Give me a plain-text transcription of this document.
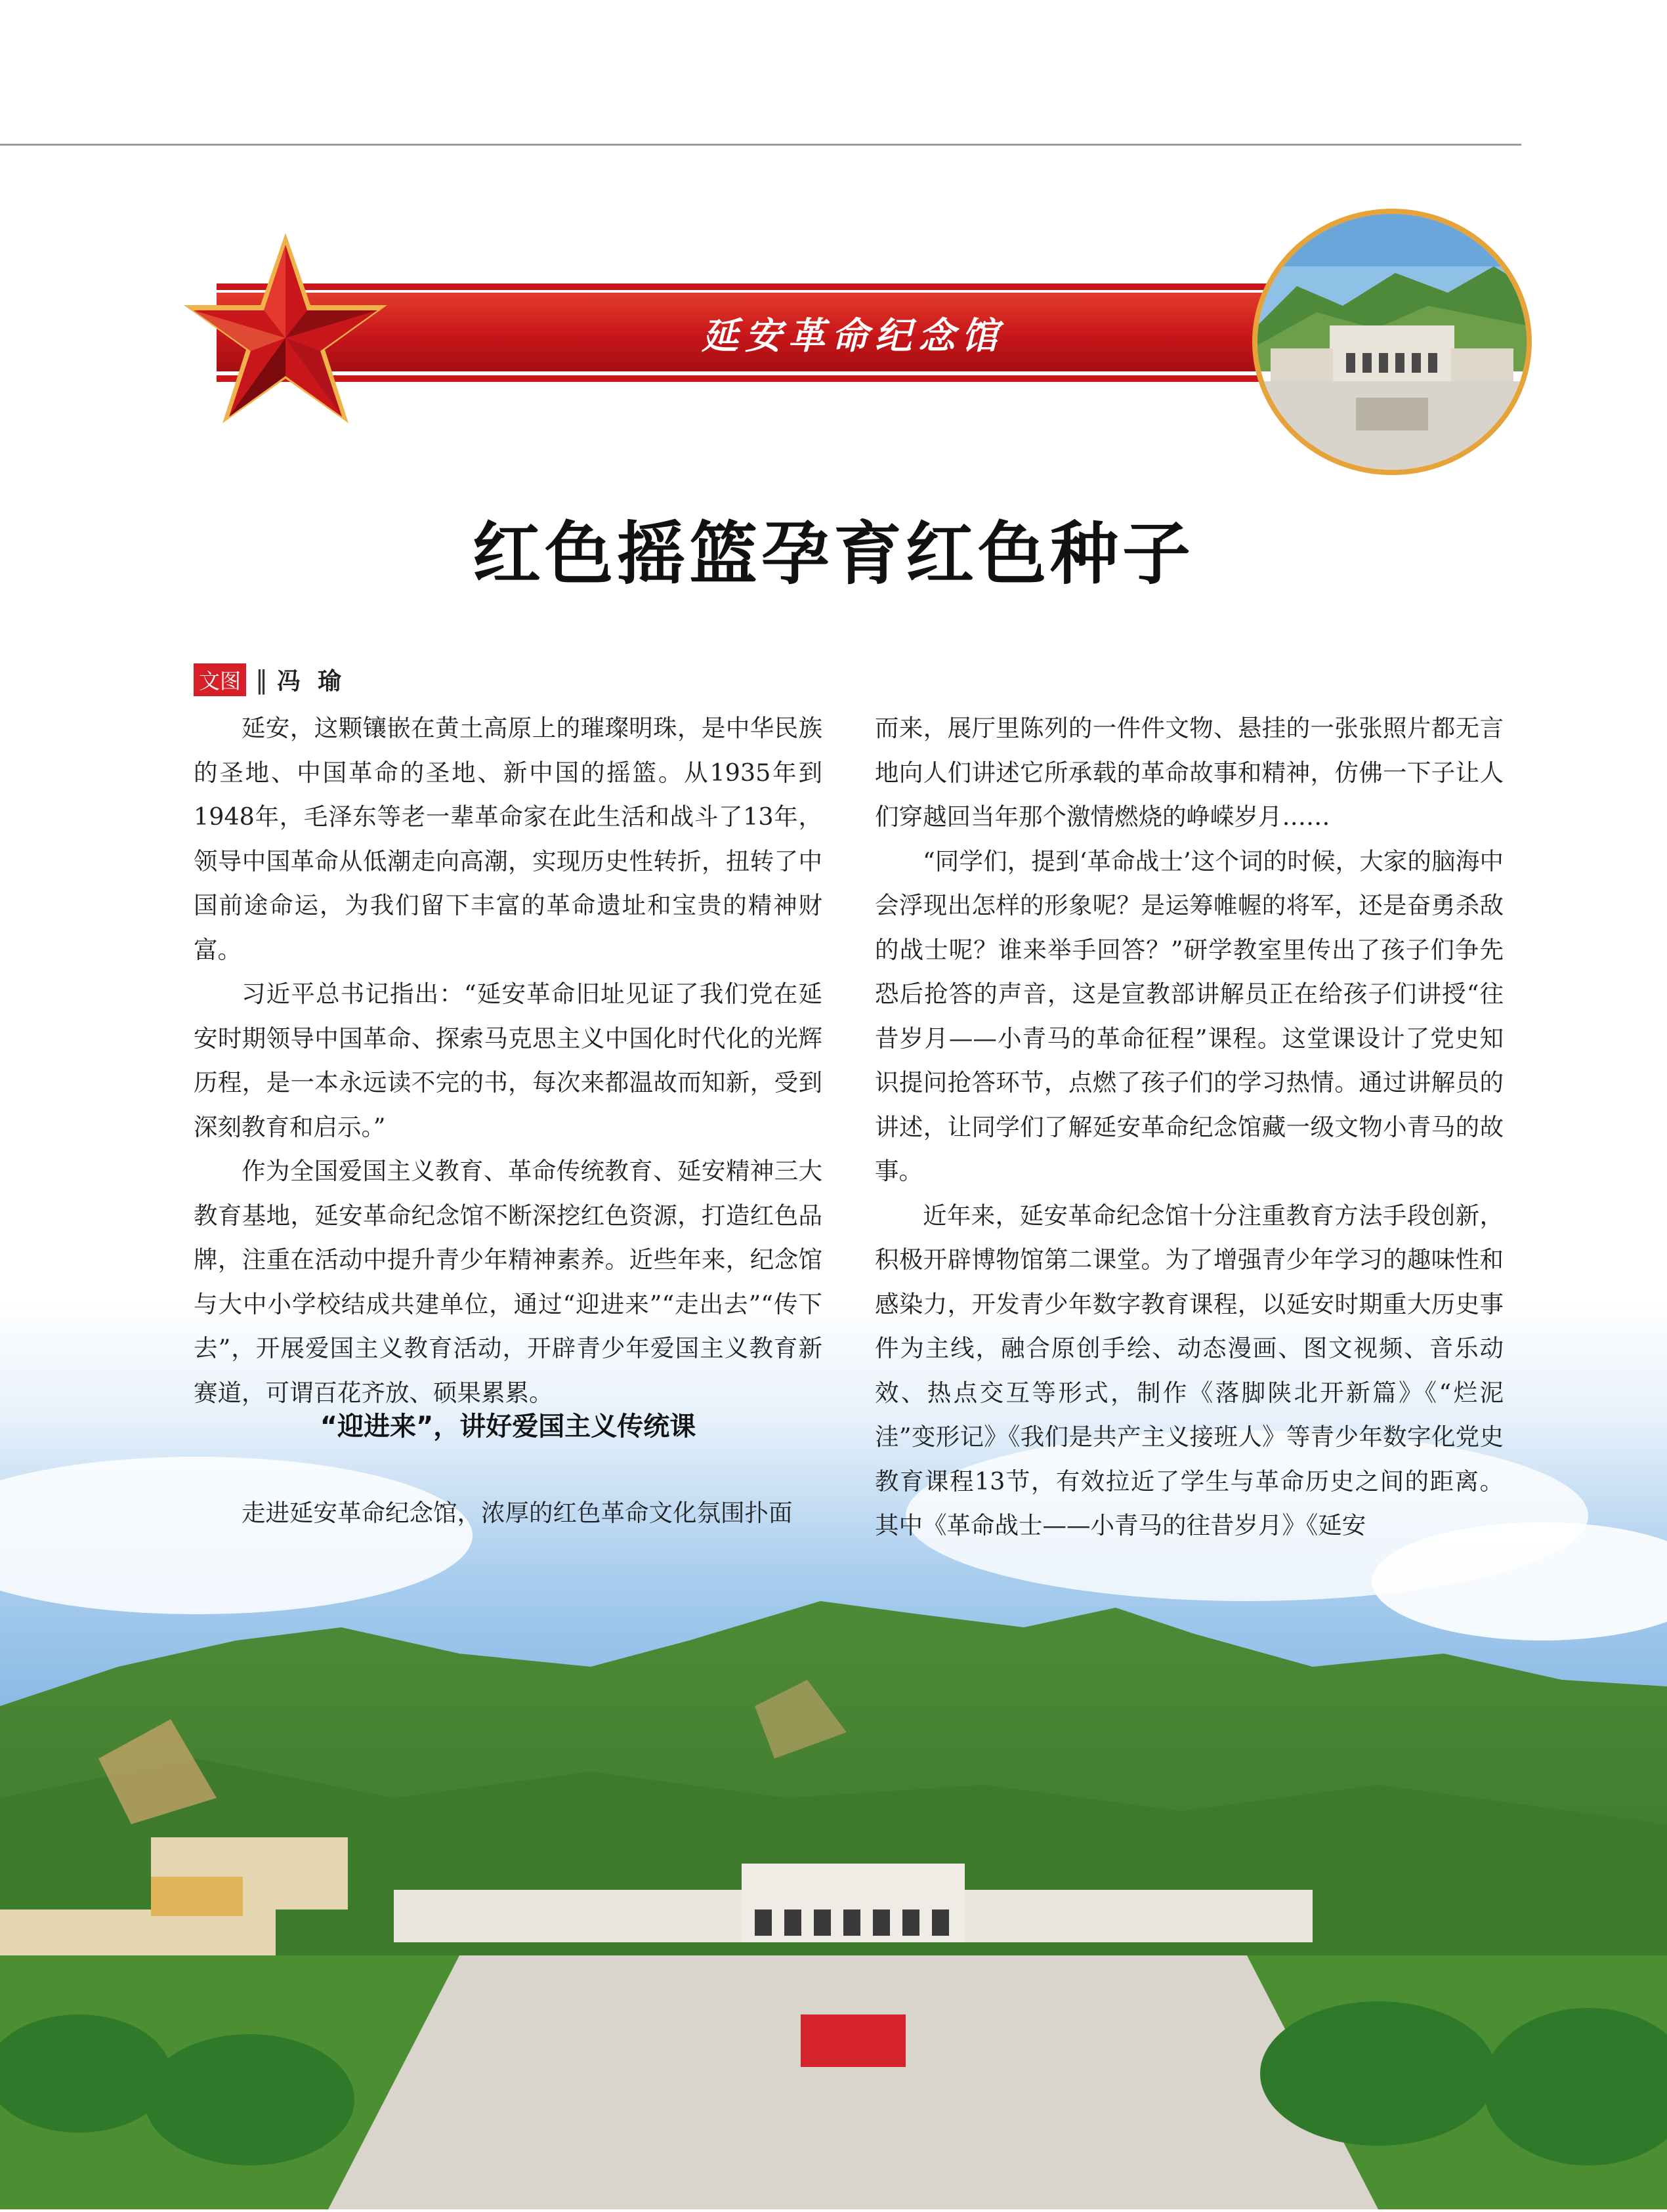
延安革命纪念馆
红色摇篮孕育红色种子
文图 ‖ 冯瑜

延安，这颗镶嵌在黄土高原上的璀璨明珠，是中华民族的圣地、中国革命的圣地、新中国的摇篮。从1935年到1948年，毛泽东等老一辈革命家在此生活和战斗了13年，领导中国革命从低潮走向高潮，实现历史性转折，扭转了中国前途命运，为我们留下丰富的革命遗址和宝贵的精神财富。

习近平总书记指出：“延安革命旧址见证了我们党在延安时期领导中国革命、探索马克思主义中国化时代化的光辉历程，是一本永远读不完的书，每次来都温故而知新，受到深刻教育和启示。”

作为全国爱国主义教育、革命传统教育、延安精神三大教育基地，延安革命纪念馆不断深挖红色资源，打造红色品牌，注重在活动中提升青少年精神素养。近些年来，纪念馆与大中小学校结成共建单位，通过“迎进来”“走出去”“传下去”，开展爱国主义教育活动，开辟青少年爱国主义教育新赛道，可谓百花齐放、硕果累累。

“迎进来”，讲好爱国主义传统课

走进延安革命纪念馆，浓厚的红色革命文化氛围扑面

而来，展厅里陈列的一件件文物、悬挂的一张张照片都无言地向人们讲述它所承载的革命故事和精神，仿佛一下子让人们穿越回当年那个激情燃烧的峥嵘岁月……

“同学们，提到‘革命战士’这个词的时候，大家的脑海中会浮现出怎样的形象呢？是运筹帷幄的将军，还是奋勇杀敌的战士呢？谁来举手回答？”研学教室里传出了孩子们争先恐后抢答的声音，这是宣教部讲解员正在给孩子们讲授“往昔岁月——小青马的革命征程”课程。这堂课设计了党史知识提问抢答环节，点燃了孩子们的学习热情。通过讲解员的讲述，让同学们了解延安革命纪念馆藏一级文物小青马的故事。

近年来，延安革命纪念馆十分注重教育方法手段创新，积极开辟博物馆第二课堂。为了增强青少年学习的趣味性和感染力，开发青少年数字教育课程，以延安时期重大历史事件为主线，融合原创手绘、动态漫画、图文视频、音乐动效、热点交互等形式，制作《落脚陕北开新篇》《“烂泥洼”变形记》《我们是共产主义接班人》等青少年数字化党史教育课程13节，有效拉近了学生与革命历史之间的距离。其中《革命战士——小青马的往昔岁月》《延安
